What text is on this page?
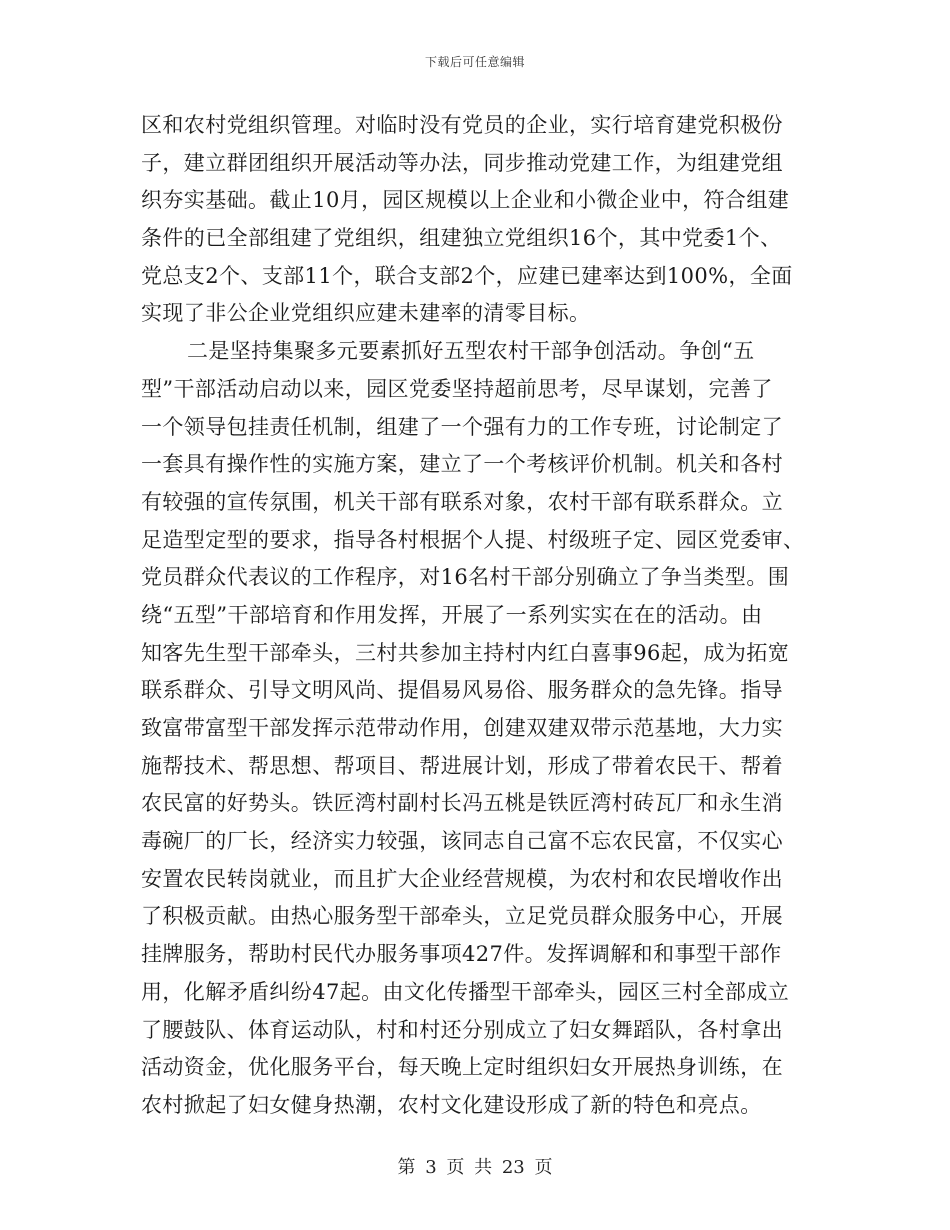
下载后可任意编辑
区和农村党组织管理。对临时没有党员的企业，实行培育建党积极份
子，建立群团组织开展活动等办法，同步推动党建工作，为组建党组
织夯实基础。截止10月，园区规模以上企业和小微企业中，符合组建
条件的已全部组建了党组织，组建独立党组织16个，其中党委1个、
党总支2个、支部11个，联合支部2个，应建已建率达到100%，全面
实现了非公企业党组织应建未建率的清零目标。
二是坚持集聚多元要素抓好五型农村干部争创活动。争创“五
型”干部活动启动以来，园区党委坚持超前思考，尽早谋划，完善了
一个领导包挂责任机制，组建了一个强有力的工作专班，讨论制定了
一套具有操作性的实施方案，建立了一个考核评价机制。机关和各村
有较强的宣传氛围，机关干部有联系对象，农村干部有联系群众。立
足造型定型的要求，指导各村根据个人提、村级班子定、园区党委审、
党员群众代表议的工作程序，对16名村干部分别确立了争当类型。围
绕“五型”干部培育和作用发挥，开展了一系列实实在在的活动。由
知客先生型干部牵头，三村共参加主持村内红白喜事96起，成为拓宽
联系群众、引导文明风尚、提倡易风易俗、服务群众的急先锋。指导
致富带富型干部发挥示范带动作用，创建双建双带示范基地，大力实
施帮技术、帮思想、帮项目、帮进展计划，形成了带着农民干、帮着
农民富的好势头。铁匠湾村副村长冯五桃是铁匠湾村砖瓦厂和永生消
毒碗厂的厂长，经济实力较强，该同志自己富不忘农民富，不仅实心
安置农民转岗就业，而且扩大企业经营规模，为农村和农民增收作出
了积极贡献。由热心服务型干部牵头，立足党员群众服务中心，开展
挂牌服务，帮助村民代办服务事项427件。发挥调解和和事型干部作
用，化解矛盾纠纷47起。由文化传播型干部牵头，园区三村全部成立
了腰鼓队、体育运动队，村和村还分别成立了妇女舞蹈队，各村拿出
活动资金，优化服务平台，每天晚上定时组织妇女开展热身训练，在
农村掀起了妇女健身热潮，农村文化建设形成了新的特色和亮点。
第 3 页 共 23 页
